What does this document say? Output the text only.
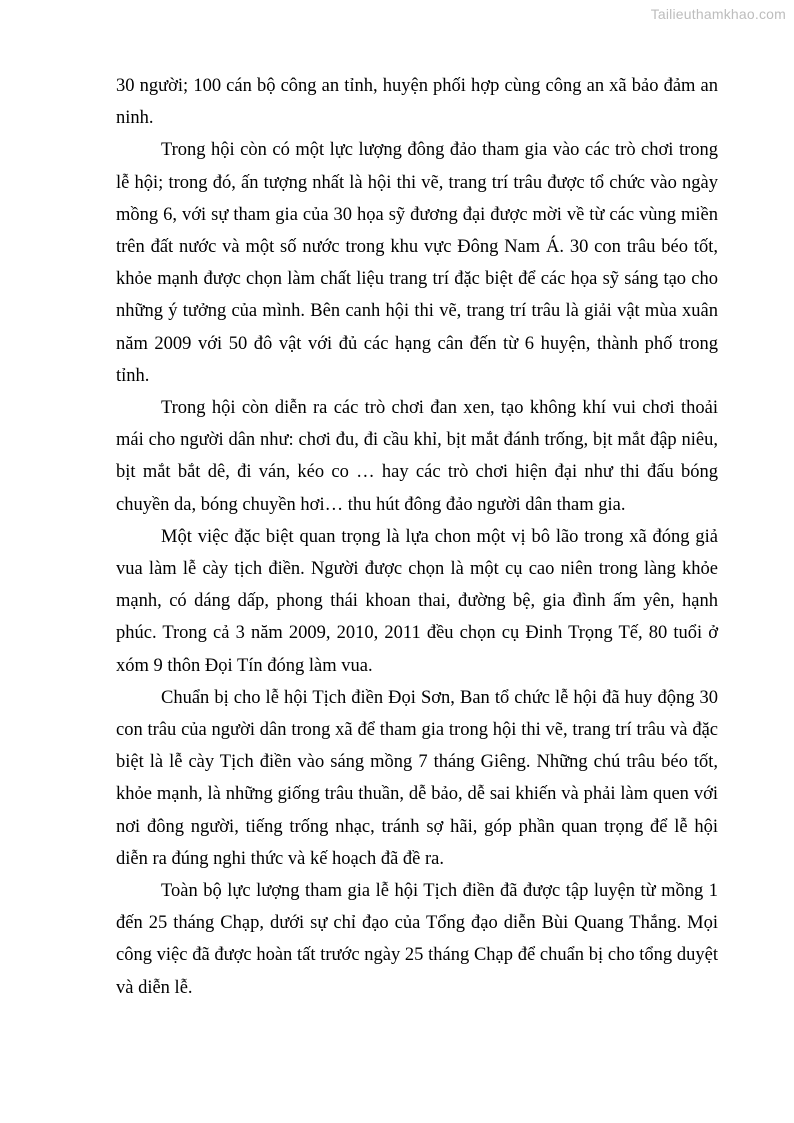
Tailieuthamkhao.com

30 người; 100 cán bộ công an tỉnh, huyện phối hợp cùng công an xã bảo đảm an ninh.

Trong hội còn có một lực lượng đông đảo tham gia vào các trò chơi trong lễ hội; trong đó, ấn tượng nhất là hội thi vẽ, trang trí trâu được tổ chức vào ngày mồng 6, với sự tham gia của 30 họa sỹ đương đại được mời về từ các vùng miền trên đất nước và một số nước trong khu vực Đông Nam Á. 30 con trâu béo tốt, khỏe mạnh được chọn làm chất liệu trang trí đặc biệt để các họa sỹ sáng tạo cho những ý tưởng của mình. Bên canh hội thi vẽ, trang trí trâu là giải vật mùa xuân năm 2009 với 50 đô vật với đủ các hạng cân đến từ 6 huyện, thành phố trong tỉnh.

Trong hội còn diễn ra các trò chơi đan xen, tạo không khí vui chơi thoải mái cho người dân như: chơi đu, đi cầu khỉ, bịt mắt đánh trống, bịt mắt đập niêu, bịt mắt bắt dê, đi ván, kéo co … hay các trò chơi hiện đại như thi đấu bóng chuyền da, bóng chuyền hơi… thu hút đông đảo người dân tham gia.

Một việc đặc biệt quan trọng là lựa chon một vị bô lão trong xã đóng giả vua làm lễ cày tịch điền. Người được chọn là một cụ cao niên trong làng khỏe mạnh, có dáng dấp, phong thái khoan thai, đường bệ, gia đình ấm yên, hạnh phúc. Trong cả 3 năm 2009, 2010, 2011 đều chọn cụ Đinh Trọng Tế, 80 tuổi ở xóm 9 thôn Đọi Tín đóng làm vua.

Chuẩn bị cho lễ hội Tịch điền Đọi Sơn, Ban tổ chức lễ hội đã huy động 30 con trâu của người dân trong xã để tham gia trong hội thi vẽ, trang trí trâu và đặc biệt là lễ cày Tịch điền vào sáng mồng 7 tháng Giêng. Những chú trâu béo tốt, khỏe mạnh, là những giống trâu thuần, dễ bảo, dễ sai khiến và phải làm quen với nơi đông người, tiếng trống nhạc, tránh sợ hãi, góp phần quan trọng để lễ hội diễn ra đúng nghi thức và kế hoạch đã đề ra.

Toàn bộ lực lượng tham gia lễ hội Tịch điền đã được tập luyện từ mồng 1 đến 25 tháng Chạp, dưới sự chỉ đạo của Tổng đạo diễn Bùi Quang Thắng. Mọi công việc đã được hoàn tất trước ngày 25 tháng Chạp để chuẩn bị cho tổng duyệt và diễn lễ.
